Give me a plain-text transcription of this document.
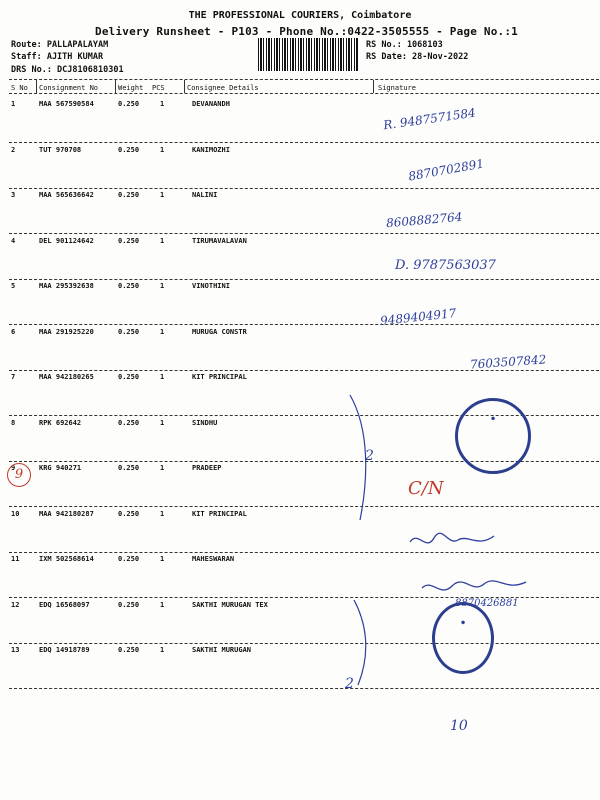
THE PROFESSIONAL COURIERS, Coimbatore
Delivery Runsheet - P103 - Phone No.:0422-3505555 - Page No.:1
Route: PALLAPALAYAM
Staff: AJITH KUMAR
DRS No.: DCJ8106810301
RS No.: 1068103
RS Date: 28-Nov-2022
S No Consignment No	Weight PCS	Consignee Details	Signature
1	MAA 567590584	0.250	1	DEVANANDH
2	TUT 970708	0.250	1	KANIMOZHI
3	MAA 565636642	0.250	1	NALINI
4	DEL 901124642	0.250	1	TIRUMAVALAVAN
5	MAA 295392638	0.250	1	VINOTHINI
6	MAA 291925220	0.250	1	MURUGA CONSTR
7	MAA 942180265	0.250	1	KIT PRINCIPAL
8	RPK 692642	0.250	1	SINDHU
9	KRG 940271	0.250	1	PRADEEP
10	MAA 942180287	0.250	1	KIT PRINCIPAL
11	IXM 502568614	0.250	1	MAHESWARAN
12	EDQ 16568097	0.250	1	SAKTHI MURUGAN TEX
13	EDQ 14918789	0.250	1	SAKTHI MURUGAN
R. 9487571584
8870702891
8608882764
D. 9787563037
9489404917
7603507842
C/N
8870426881
9
2
2
10
●
●
